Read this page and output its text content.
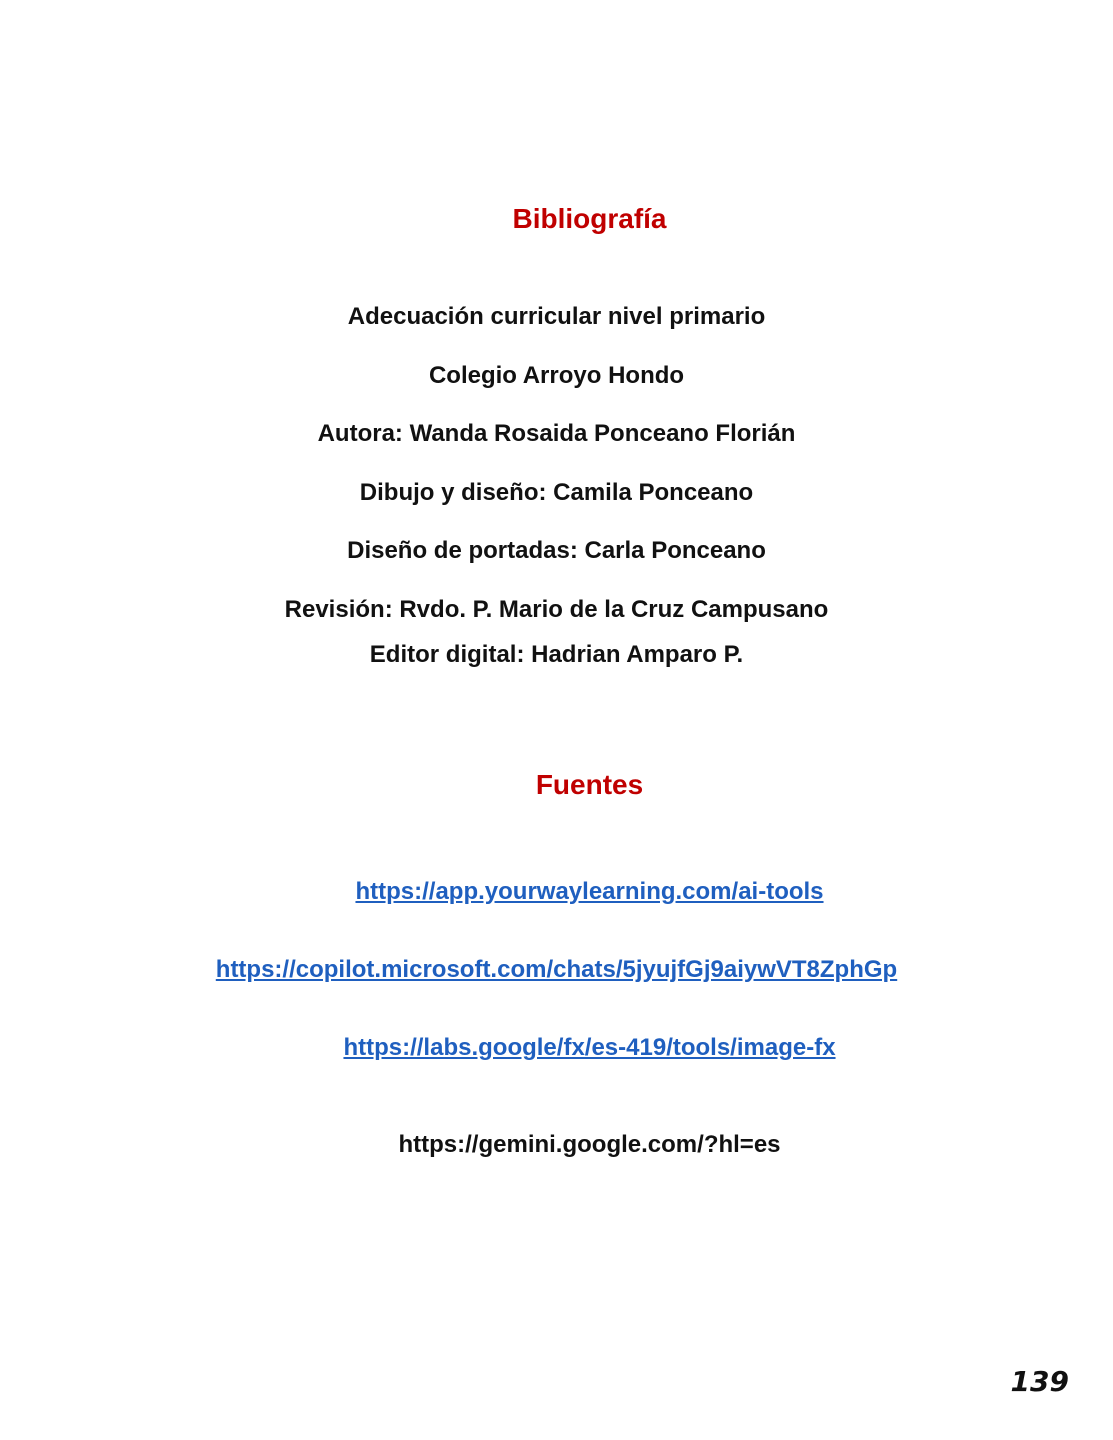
Bibliografía

Adecuación curricular nivel primario

Colegio Arroyo Hondo

Autora: Wanda Rosaida Ponceano Florián

Dibujo y diseño: Camila Ponceano

Diseño de portadas: Carla Ponceano

Revisión: Rvdo. P. Mario de la Cruz Campusano

Editor digital: Hadrian Amparo P.

Fuentes

https://app.yourwaylearning.com/ai-tools

https://copilot.microsoft.com/chats/5jyujfGj9aiywVT8ZphGp

https://labs.google/fx/es-419/tools/image-fx

https://gemini.google.com/?hl=es

139
